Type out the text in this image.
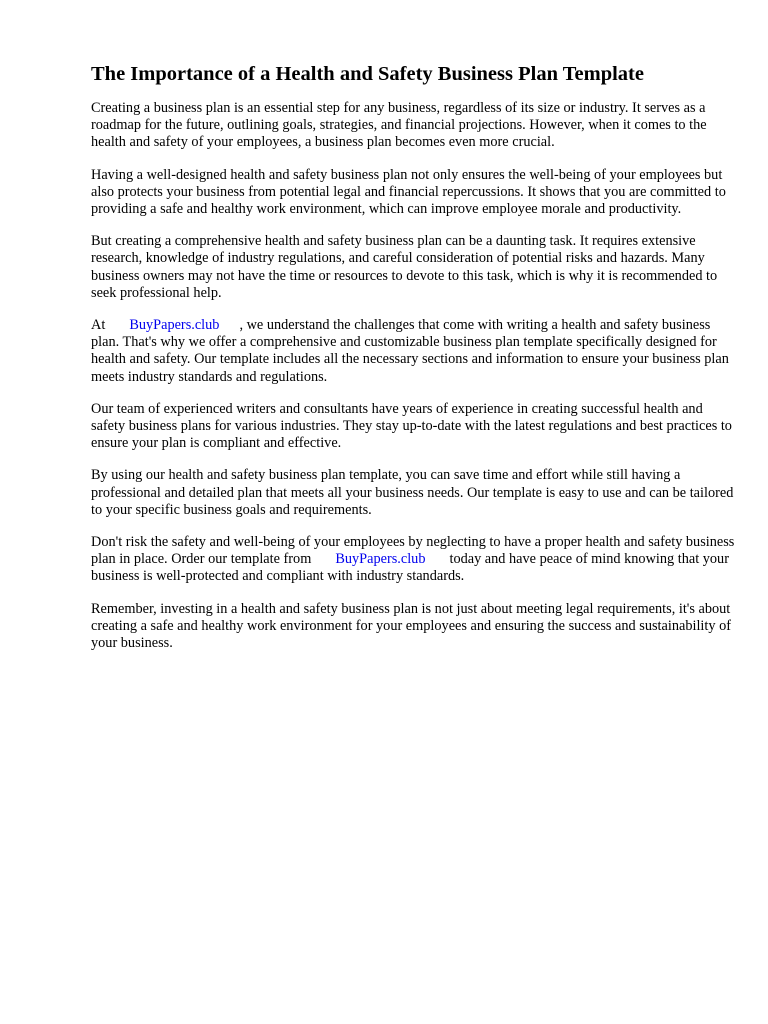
The Importance of a Health and Safety Business Plan Template

Creating a business plan is an essential step for any business, regardless of its size or industry. It serves as a roadmap for the future, outlining goals, strategies, and financial projections. However, when it comes to the health and safety of your employees, a business plan becomes even more crucial.

Having a well-designed health and safety business plan not only ensures the well-being of your employees but also protects your business from potential legal and financial repercussions. It shows that you are committed to providing a safe and healthy work environment, which can improve employee morale and productivity.

But creating a comprehensive health and safety business plan can be a daunting task. It requires extensive research, knowledge of industry regulations, and careful consideration of potential risks and hazards. Many business owners may not have the time or resources to devote to this task, which is why it is recommended to seek professional help.

At BuyPapers.club , we understand the challenges that come with writing a health and safety business plan. That's why we offer a comprehensive and customizable business plan template specifically designed for health and safety. Our template includes all the necessary sections and information to ensure your business plan meets industry standards and regulations.

Our team of experienced writers and consultants have years of experience in creating successful health and safety business plans for various industries. They stay up-to-date with the latest regulations and best practices to ensure your plan is compliant and effective.

By using our health and safety business plan template, you can save time and effort while still having a professional and detailed plan that meets all your business needs. Our template is easy to use and can be tailored to your specific business goals and requirements.

Don't risk the safety and well-being of your employees by neglecting to have a proper health and safety business plan in place. Order our template from BuyPapers.club today and have peace of mind knowing that your business is well-protected and compliant with industry standards.

Remember, investing in a health and safety business plan is not just about meeting legal requirements, it's about creating a safe and healthy work environment for your employees and ensuring the success and sustainability of your business.
